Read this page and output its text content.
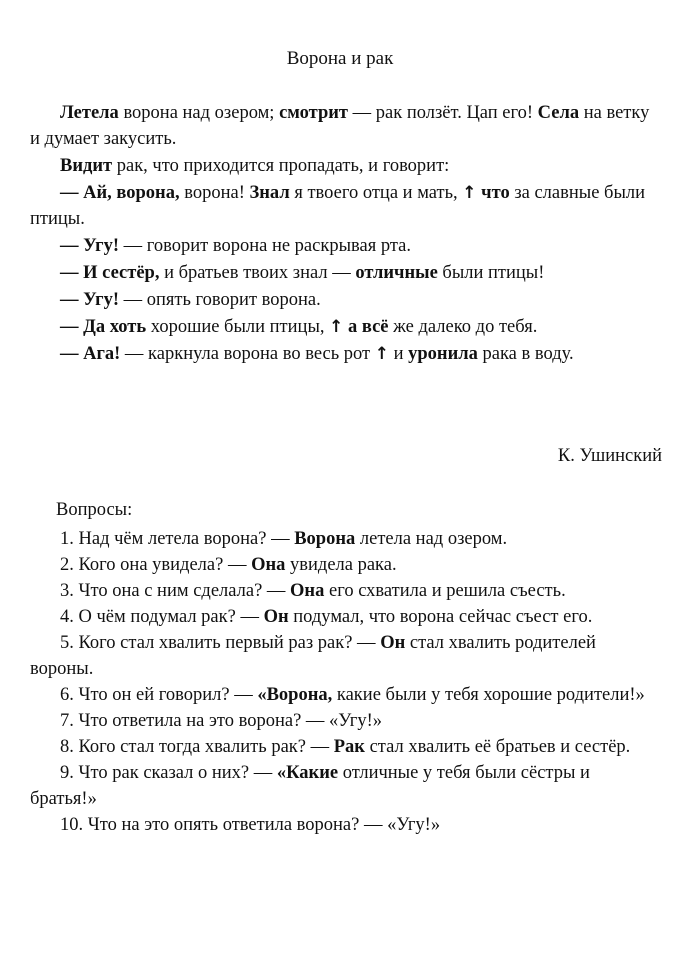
Ворона и рак

Летела ворона над озером; смотрит — рак ползёт. Цап его! Села на ветку и думает закусить.

Видит рак, что приходится пропадать, и говорит:

— Ай, ворона, ворона! Знал я твоего отца и мать, ↑ что за славные были птицы.

— Угу! — говорит ворона не раскрывая рта.

— И сестёр, и братьев твоих знал — отличные были птицы!

— Угу! — опять говорит ворона.

— Да хоть хорошие были птицы, ↑ а всё же далеко до тебя.

— Ага! — каркнула ворона во весь рот ↑ и уронила рака в воду.

К. Ушинский
Вопросы:

1. Над чём летела ворона? — Ворона летела над озером.

2. Кого она увидела? — Она увидела рака.

3. Что она с ним сделала? — Она его схватила и решила съесть.

4. О чём подумал рак? — Он подумал, что ворона сейчас съест его.

5. Кого стал хвалить первый раз рак? — Он стал хвалить родителей вороны.

6. Что он ей говорил? — «Ворона, какие были у тебя хорошие родители!»

7. Что ответила на это ворона? — «Угу!»

8. Кого стал тогда хвалить рак? — Рак стал хвалить её братьев и сестёр.

9. Что рак сказал о них? — «Какие отличные у тебя были сёстры и братья!»

10. Что на это опять ответила ворона? — «Угу!»
